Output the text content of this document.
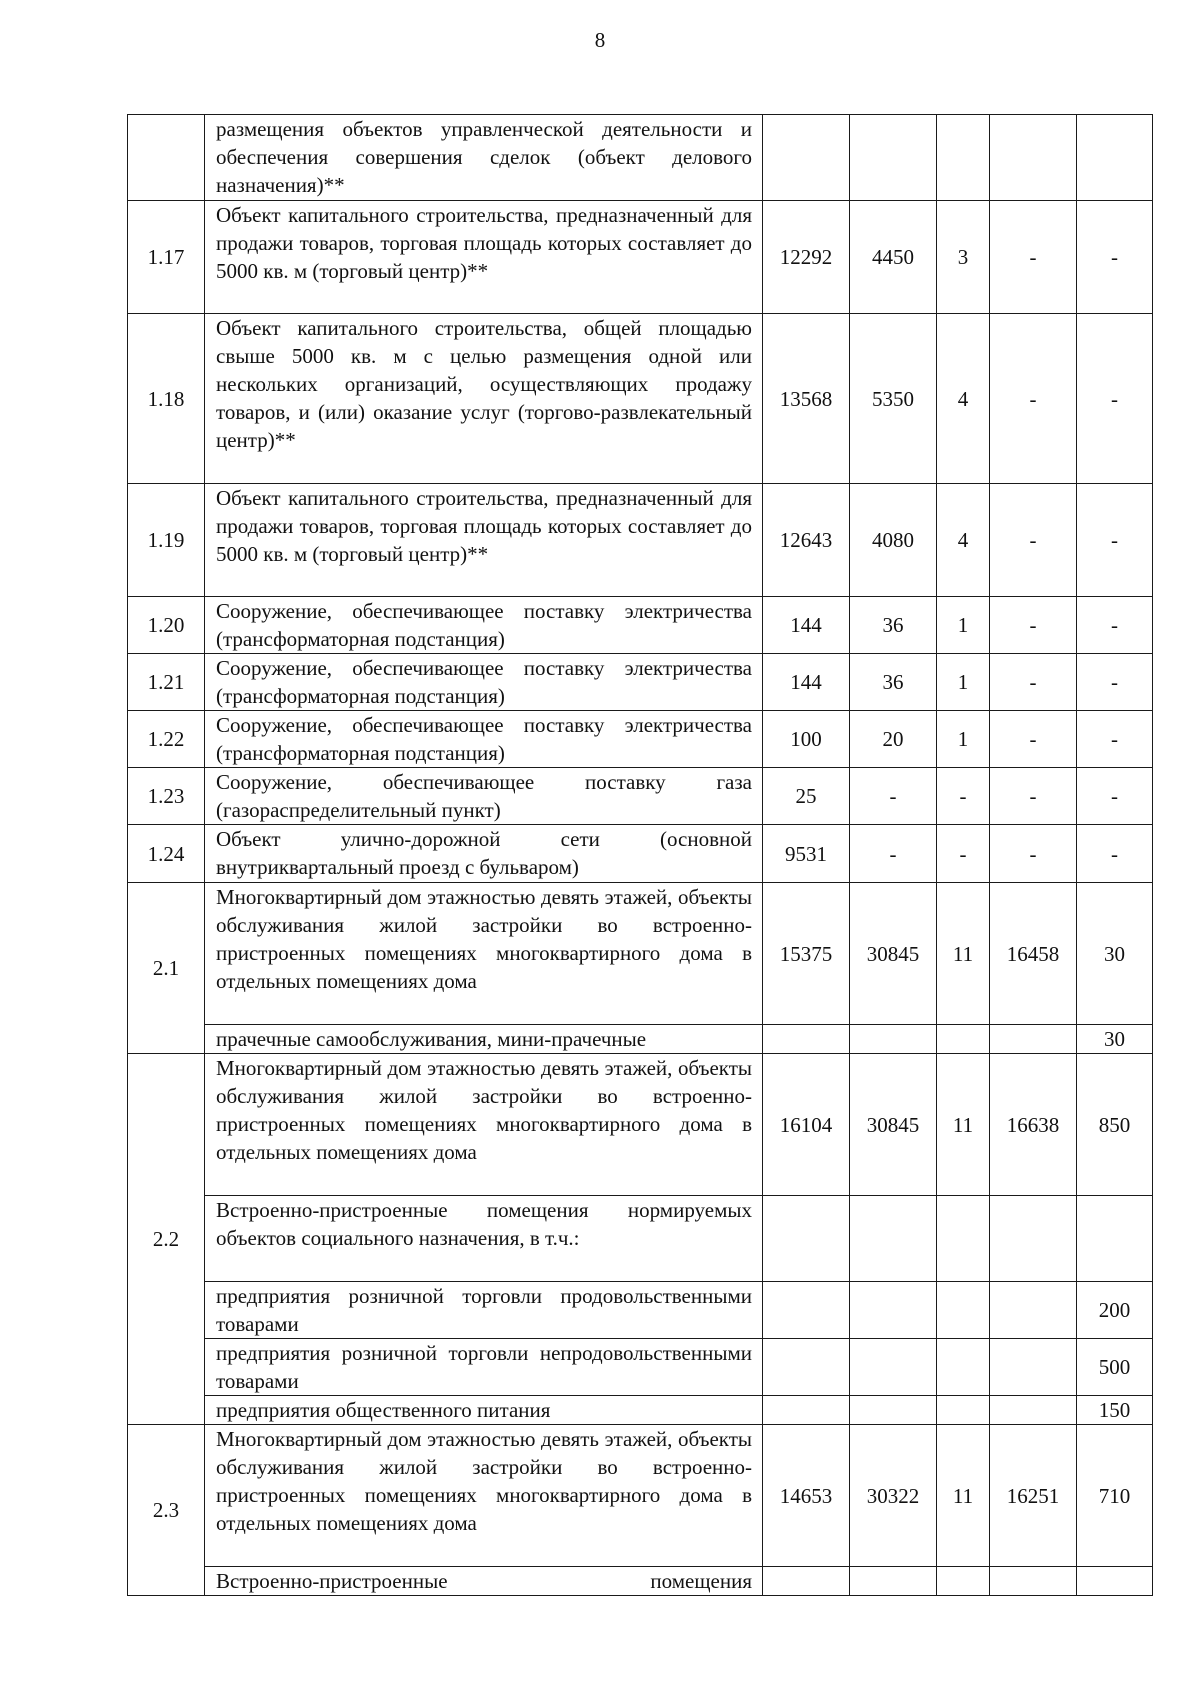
8
	размещения объектов управленческой деятельности и обеспечения совершения сделок (объект делового назначения)**					
1.17	Объект капитального строительства, предназначенный для продажи товаров, торговая площадь которых составляет до 5000 кв. м (торговый центр)**	12292	4450	3	-	-
1.18	Объект капитального строительства, общей площадью свыше 5000 кв. м с целью размещения одной или нескольких организаций, осуществляющих продажу товаров, и (или) оказание услуг (торгово-развлекательный центр)**	13568	5350	4	-	-
1.19	Объект капитального строительства, предназначенный для продажи товаров, торговая площадь которых составляет до 5000 кв. м (торговый центр)**	12643	4080	4	-	-
1.20	Сооружение, обеспечивающее поставку электричества (трансформаторная подстанция)	144	36	1	-	-
1.21	Сооружение, обеспечивающее поставку электричества (трансформаторная подстанция)	144	36	1	-	-
1.22	Сооружение, обеспечивающее поставку электричества (трансформаторная подстанция)	100	20	1	-	-
1.23	Сооружение, обеспечивающее поставку газа (газораспределительный пункт)	25	-	-	-	-
1.24	Объект улично-дорожной сети (основной внутриквартальный проезд с бульваром)	9531	-	-	-	-
2.1	Многоквартирный дом этажностью девять этажей, объекты обслуживания жилой застройки во встроенно-пристроенных помещениях многоквартирного дома в отдельных помещениях дома	15375	30845	11	16458	30
	прачечные самообслуживания, мини-прачечные					30
2.2	Многоквартирный дом этажностью девять этажей, объекты обслуживания жилой застройки во встроенно-пристроенных помещениях многоквартирного дома в отдельных помещениях дома	16104	30845	11	16638	850
	Встроенно-пристроенные помещения нормируемых объектов социального назначения, в т.ч.:					
	предприятия розничной торговли продовольственными товарами					200
	предприятия розничной торговли непродовольственными товарами					500
	предприятия общественного питания					150
2.3	Многоквартирный дом этажностью девять этажей, объекты обслуживания жилой застройки во встроенно-пристроенных помещениях многоквартирного дома в отдельных помещениях дома	14653	30322	11	16251	710
	Встроенно-пристроенные помещения					
